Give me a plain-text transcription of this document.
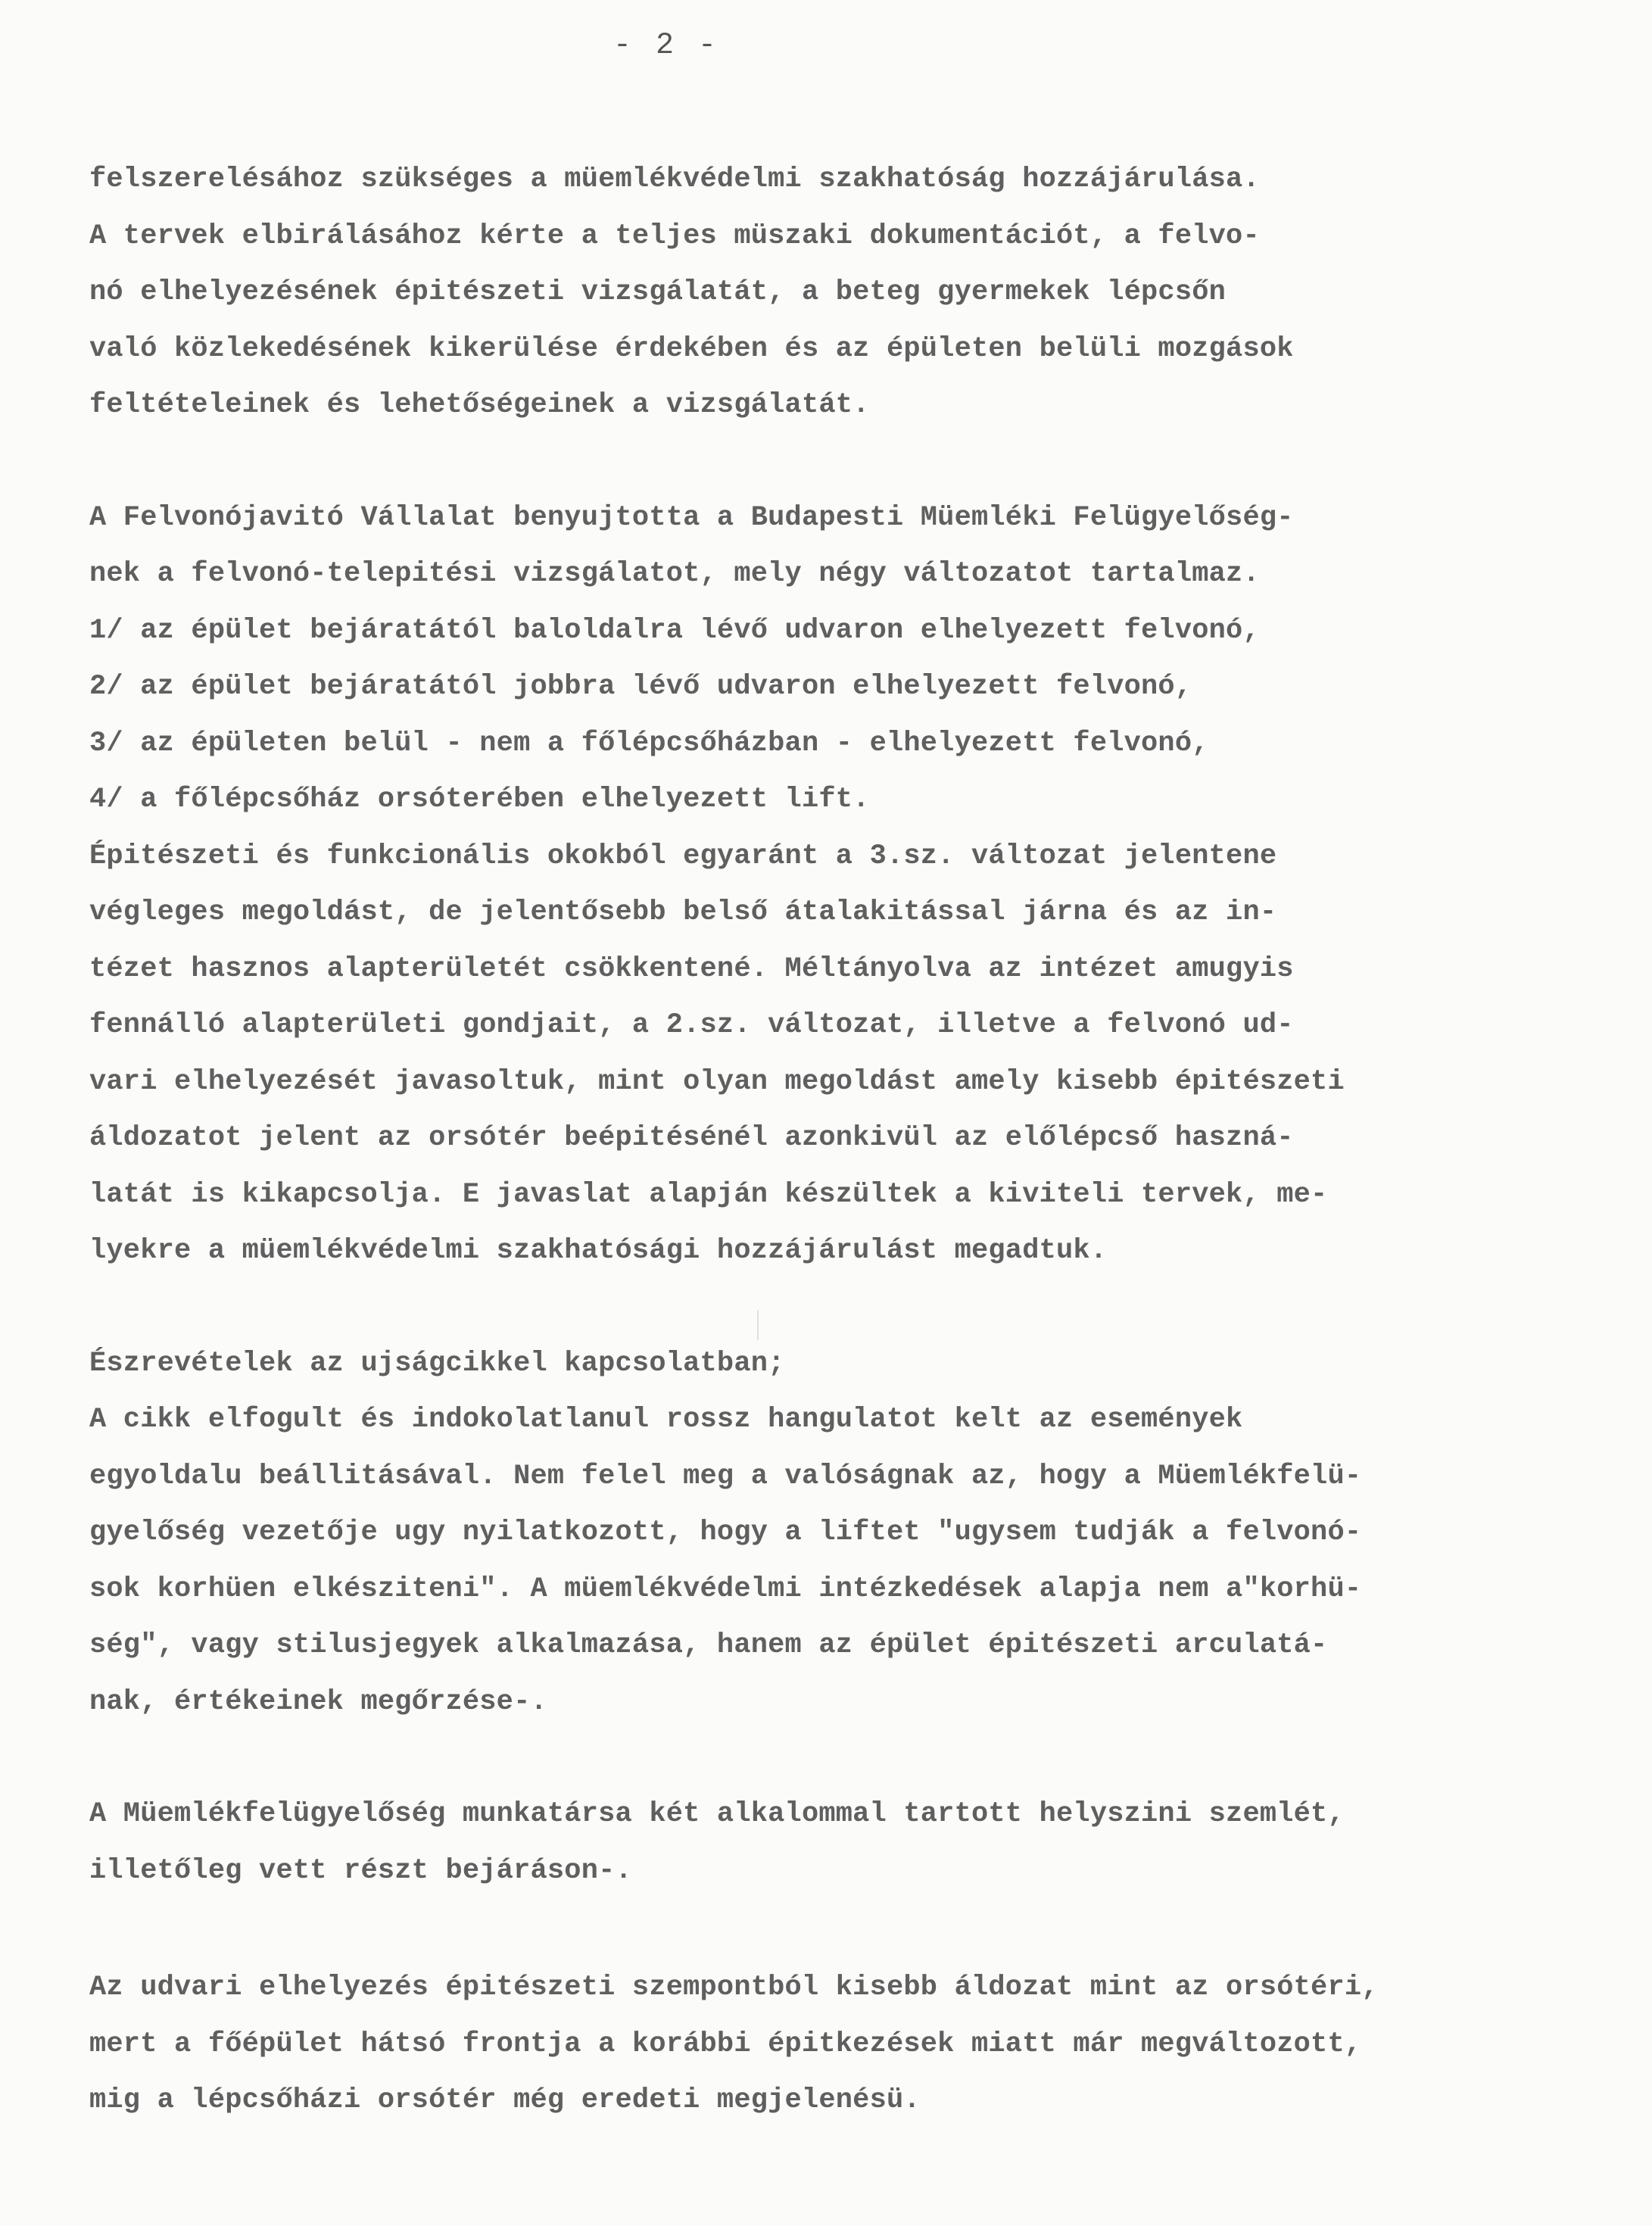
- 2 -
felszerelésához szükséges a müemlékvédelmi szakhatóság hozzájárulása.
A tervek elbirálásához kérte a teljes müszaki dokumentációt, a felvo-
nó elhelyezésének épitészeti vizsgálatát, a beteg gyermekek lépcsőn
való közlekedésének kikerülése érdekében és az épületen belüli mozgások
feltételeinek és lehetőségeinek a vizsgálatát.
A Felvonójavitó Vállalat benyujtotta a Budapesti Müemléki Felügyelőség-
nek a felvonó-telepitési vizsgálatot, mely négy változatot tartalmaz.
1/ az épület bejáratától baloldalra lévő udvaron elhelyezett felvonó,
2/ az épület bejáratától jobbra lévő udvaron elhelyezett felvonó,
3/ az épületen belül - nem a főlépcsőházban - elhelyezett felvonó,
4/ a főlépcsőház orsóterében elhelyezett lift.
Épitészeti és funkcionális okokból egyaránt a 3.sz. változat jelentene
végleges megoldást, de jelentősebb belső átalakitással járna és az in-
tézet hasznos alapterületét csökkentené. Méltányolva az intézet amugyis
fennálló alapterületi gondjait, a 2.sz. változat, illetve a felvonó ud-
vari elhelyezését javasoltuk, mint olyan megoldást amely kisebb épitészeti
áldozatot jelent az orsótér beépitésénél azonkivül az előlépcső haszná-
latát is kikapcsolja. E javaslat alapján készültek a kiviteli tervek, me-
lyekre a müemlékvédelmi szakhatósági hozzájárulást megadtuk.
Észrevételek az ujságcikkel kapcsolatban;
A cikk elfogult és indokolatlanul rossz hangulatot kelt az események
egyoldalu beállitásával. Nem felel meg a valóságnak az, hogy a Müemlékfelü-
gyelőség vezetője ugy nyilatkozott, hogy a liftet "ugysem tudják a felvonó-
sok korhüen elkésziteni". A müemlékvédelmi intézkedések alapja nem a"korhü-
ség", vagy stilusjegyek alkalmazása, hanem az épület épitészeti arculatá-
nak, értékeinek megőrzése-.
A Müemlékfelügyelőség munkatársa két alkalommal tartott helyszini szemlét,
illetőleg vett részt bejáráson-.
Az udvari elhelyezés épitészeti szempontból kisebb áldozat mint az orsótéri,
mert a főépület hátsó frontja a korábbi épitkezések miatt már megváltozott,
mig a lépcsőházi orsótér még eredeti megjelenésü.
